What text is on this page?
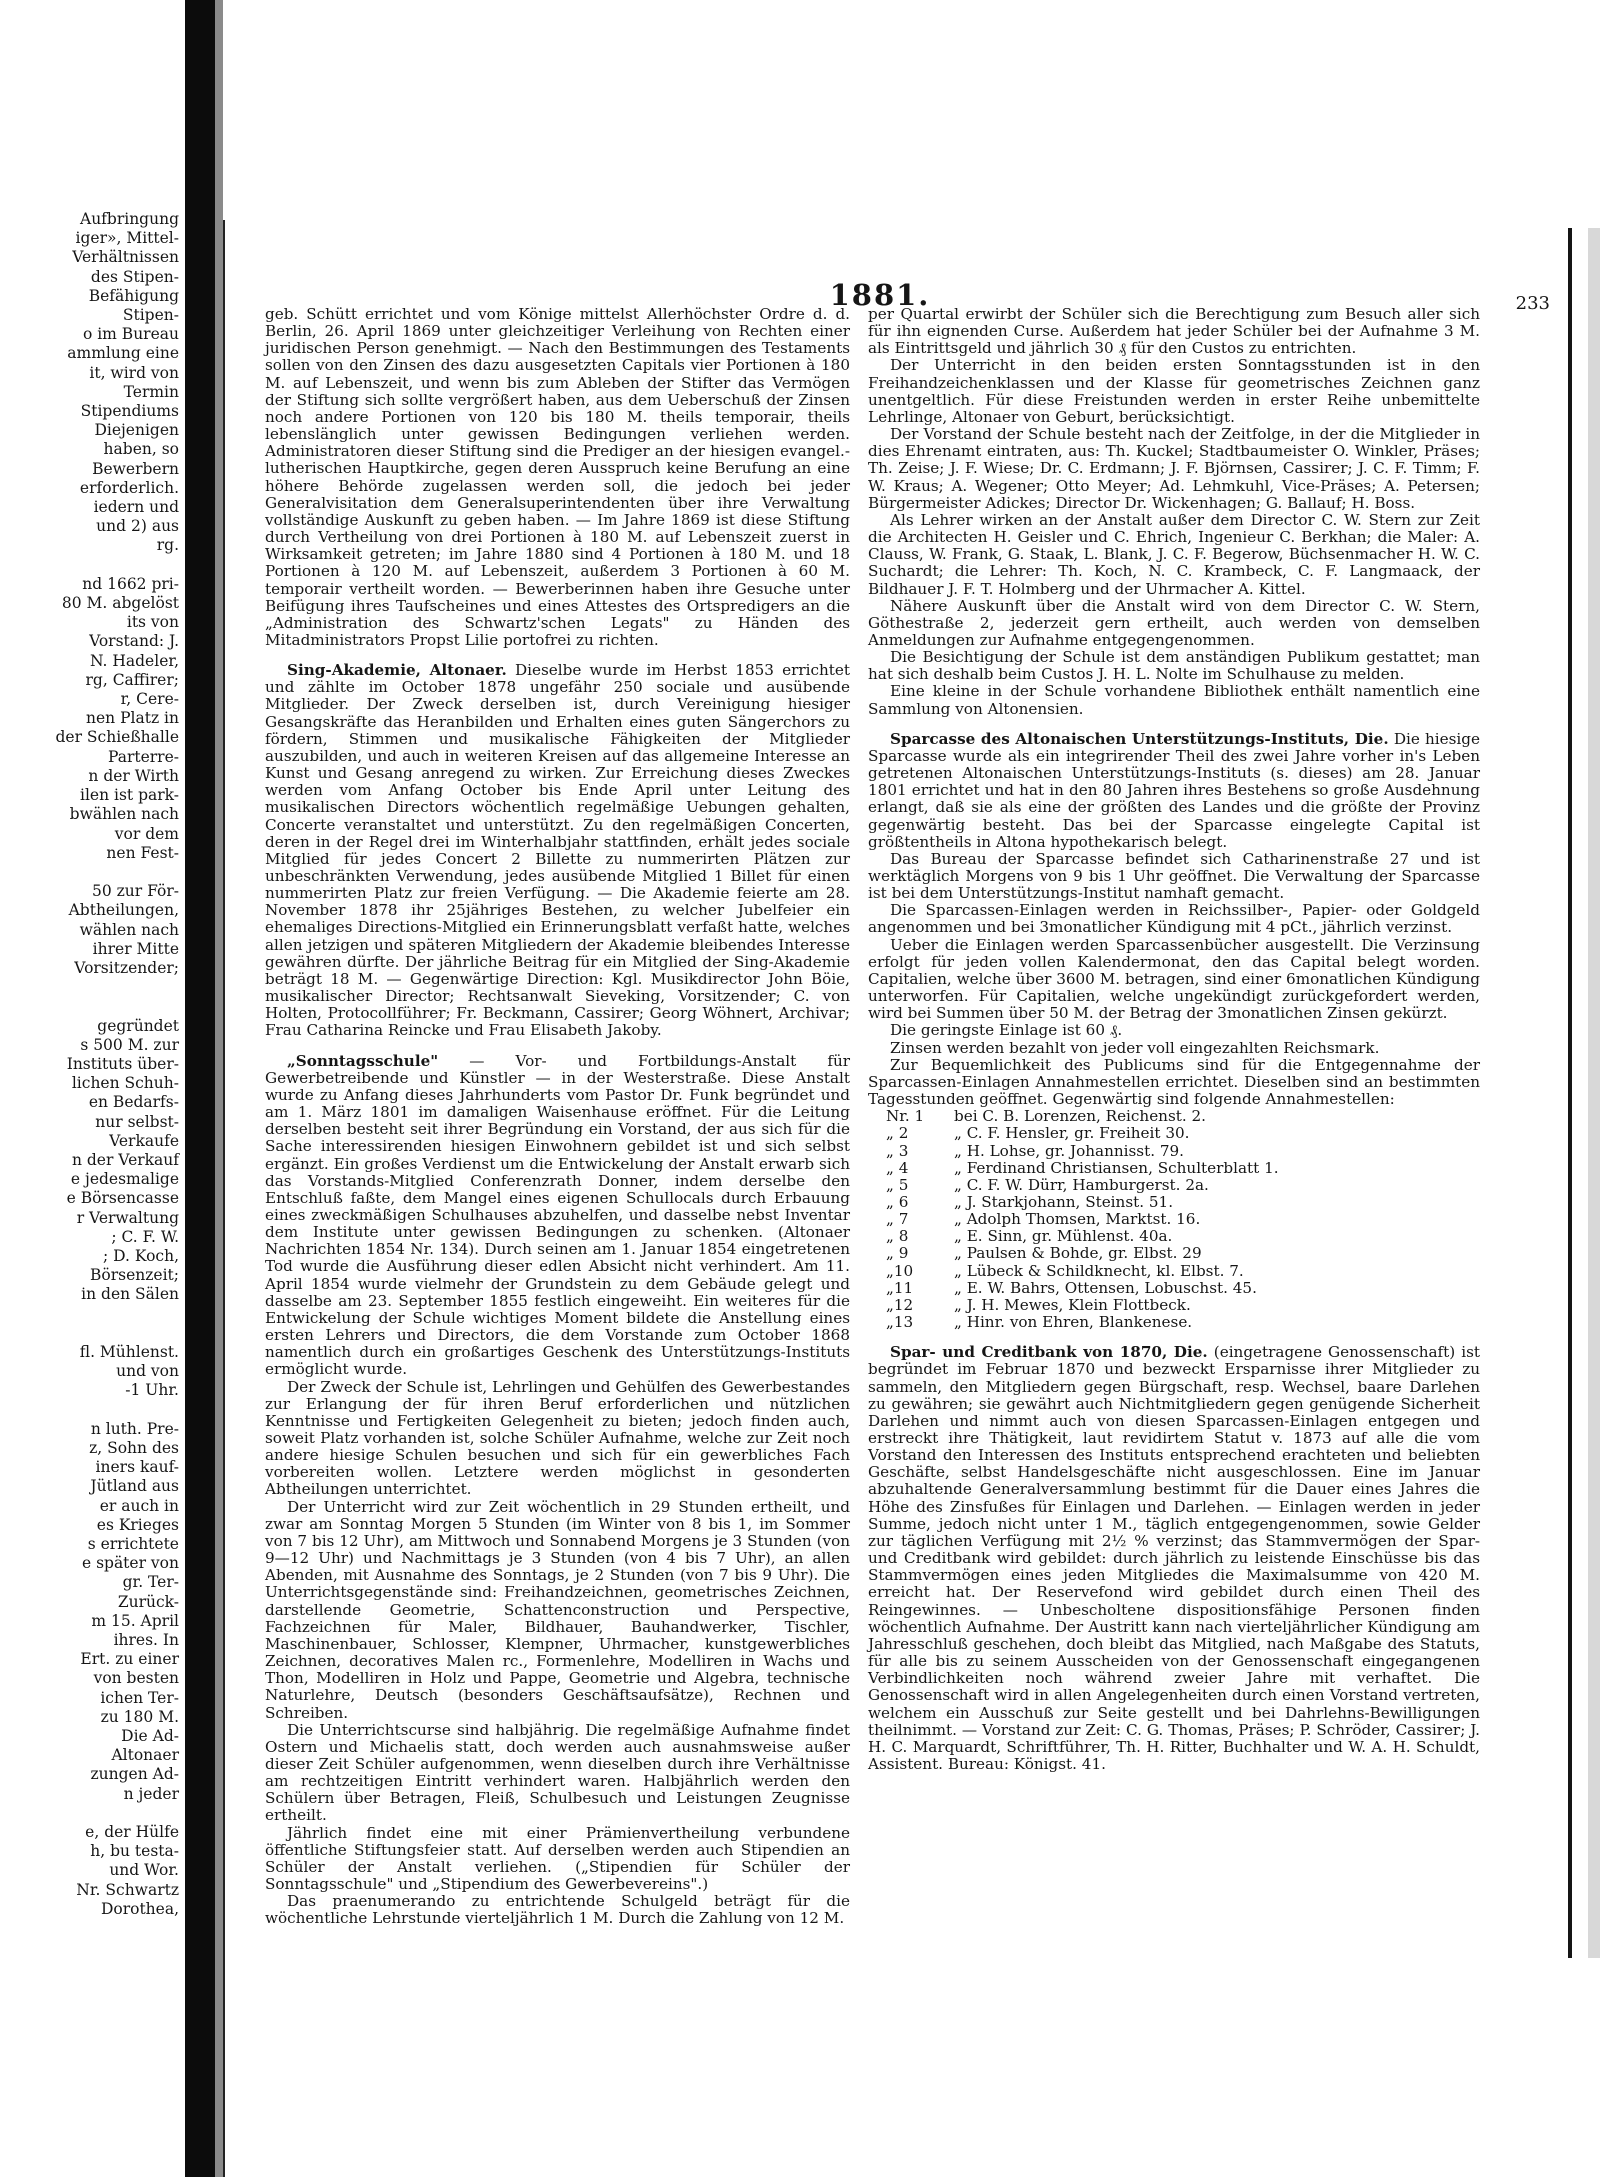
Aufbringung
iger», Mittel-
Verhältnissen
des Stipen-
Befähigung
Stipen-
o im Bureau
ammlung eine
it, wird von
Termin
Stipendiums
Diejenigen
haben, so
Bewerbern
erforderlich.
iedern und
und 2) aus
rg.

nd 1662 pri-
80 M. abgelöst
its von
Vorstand: J.
N. Hadeler,
rg, Caffirer;
r, Cere-
nen Platz in
der Schießhalle
Parterre-
n der Wirth
ilen ist park-
bwählen nach
vor dem
nen Fest-

50 zur För-
Abtheilungen,
wählen nach
ihrer Mitte
Vorsitzender;

gegründet
s 500 M. zur
Instituts über-
lichen Schuh-
en Bedarfs-
nur selbst-
Verkaufe
n der Verkauf
e jedesmalige
e Börsencasse
r Verwaltung
; C. F. W.
; D. Koch,
Börsenzeit;
in den Sälen

fl. Mühlenst.
und von
-1 Uhr.

n luth. Pre-
z, Sohn des
iners kauf-
Jütland aus
er auch in
es Krieges
s errichtete
e später von
gr. Ter-
Zurück-
m 15. April
ihres. In
Ert. zu einer
von besten
ichen Ter-
zu 180 M.
Die Ad-
Altonaer
zungen Ad-
n jeder

e, der Hülfe
h, bu testa-
und Wor.
Nr. Schwartz
Dorothea,
1881.	233

geb. Schütt errichtet und vom Könige mittelst Allerhöchster Ordre d. d. Berlin, 26. April 1869 unter gleichzeitiger Verleihung von Rechten einer juridischen Person genehmigt. — Nach den Bestimmungen des Testaments sollen von den Zinsen des dazu ausgesetzten Capitals vier Portionen à 180 M. auf Lebenszeit, und wenn bis zum Ableben der Stifter das Vermögen der Stiftung sich sollte vergrößert haben, aus dem Ueberschuß der Zinsen noch andere Portionen von 120 bis 180 M. theils temporair, theils lebenslänglich unter gewissen Bedingungen verliehen werden. Administratoren dieser Stiftung sind die Prediger an der hiesigen evangel.-lutherischen Hauptkirche, gegen deren Ausspruch keine Berufung an eine höhere Behörde zugelassen werden soll, die jedoch bei jeder Generalvisitation dem Generalsuperintendenten über ihre Verwaltung vollständige Auskunft zu geben haben. — Im Jahre 1869 ist diese Stiftung durch Vertheilung von drei Portionen à 180 M. auf Lebenszeit zuerst in Wirksamkeit getreten; im Jahre 1880 sind 4 Portionen à 180 M. und 18 Portionen à 120 M. auf Lebenszeit, außerdem 3 Portionen à 60 M. temporair vertheilt worden. — Bewerberinnen haben ihre Gesuche unter Beifügung ihres Taufscheines und eines Attestes des Ortspredigers an die „Administration des Schwartz'schen Legats" zu Händen des Mitadministrators Propst Lilie portofrei zu richten.

Sing-Akademie, Altonaer. Dieselbe wurde im Herbst 1853 errichtet und zählte im October 1878 ungefähr 250 sociale und ausübende Mitglieder. Der Zweck derselben ist, durch Vereinigung hiesiger Gesangskräfte das Heranbilden und Erhalten eines guten Sängerchors zu fördern, Stimmen und musikalische Fähigkeiten der Mitglieder auszubilden, und auch in weiteren Kreisen auf das allgemeine Interesse an Kunst und Gesang anregend zu wirken. Zur Erreichung dieses Zweckes werden vom Anfang October bis Ende April unter Leitung des musikalischen Directors wöchentlich regelmäßige Uebungen gehalten, Concerte veranstaltet und unterstützt. Zu den regelmäßigen Concerten, deren in der Regel drei im Winterhalbjahr stattfinden, erhält jedes sociale Mitglied für jedes Concert 2 Billette zu nummerirten Plätzen zur unbeschränkten Verwendung, jedes ausübende Mitglied 1 Billet für einen nummerirten Platz zur freien Verfügung. — Die Akademie feierte am 28. November 1878 ihr 25jähriges Bestehen, zu welcher Jubelfeier ein ehemaliges Directions-Mitglied ein Erinnerungsblatt verfaßt hatte, welches allen jetzigen und späteren Mitgliedern der Akademie bleibendes Interesse gewähren dürfte. Der jährliche Beitrag für ein Mitglied der Sing-Akademie beträgt 18 M. — Gegenwärtige Direction: Kgl. Musikdirector John Böie, musikalischer Director; Rechtsanwalt Sieveking, Vorsitzender; C. von Holten, Protocollführer; Fr. Beckmann, Cassirer; Georg Wöhnert, Archivar; Frau Catharina Reincke und Frau Elisabeth Jakoby.

„Sonntagsschule" — Vor- und Fortbildungs-Anstalt für Gewerbetreibende und Künstler — in der Westerstraße. Diese Anstalt wurde zu Anfang dieses Jahrhunderts vom Pastor Dr. Funk begründet und am 1. März 1801 im damaligen Waisenhause eröffnet. Für die Leitung derselben besteht seit ihrer Begründung ein Vorstand, der aus sich für die Sache interessirenden hiesigen Einwohnern gebildet ist und sich selbst ergänzt. Ein großes Verdienst um die Entwickelung der Anstalt erwarb sich das Vorstands-Mitglied Conferenzrath Donner, indem derselbe den Entschluß faßte, dem Mangel eines eigenen Schullocals durch Erbauung eines zweckmäßigen Schulhauses abzuhelfen, und dasselbe nebst Inventar dem Institute unter gewissen Bedingungen zu schenken. (Altonaer Nachrichten 1854 Nr. 134). Durch seinen am 1. Januar 1854 eingetretenen Tod wurde die Ausführung dieser edlen Absicht nicht verhindert. Am 11. April 1854 wurde vielmehr der Grundstein zu dem Gebäude gelegt und dasselbe am 23. September 1855 festlich eingeweiht. Ein weiteres für die Entwickelung der Schule wichtiges Moment bildete die Anstellung eines ersten Lehrers und Directors, die dem Vorstande zum October 1868 namentlich durch ein großartiges Geschenk des Unterstützungs-Instituts ermöglicht wurde.

Der Zweck der Schule ist, Lehrlingen und Gehülfen des Gewerbestandes zur Erlangung der für ihren Beruf erforderlichen und nützlichen Kenntnisse und Fertigkeiten Gelegenheit zu bieten; jedoch finden auch, soweit Platz vorhanden ist, solche Schüler Aufnahme, welche zur Zeit noch andere hiesige Schulen besuchen und sich für ein gewerbliches Fach vorbereiten wollen. Letztere werden möglichst in gesonderten Abtheilungen unterrichtet.

Der Unterricht wird zur Zeit wöchentlich in 29 Stunden ertheilt, und zwar am Sonntag Morgen 5 Stunden (im Winter von 8 bis 1, im Sommer von 7 bis 12 Uhr), am Mittwoch und Sonnabend Morgens je 3 Stunden (von 9—12 Uhr) und Nachmittags je 3 Stunden (von 4 bis 7 Uhr), an allen Abenden, mit Ausnahme des Sonntags, je 2 Stunden (von 7 bis 9 Uhr). Die Unterrichtsgegenstände sind: Freihandzeichnen, geometrisches Zeichnen, darstellende Geometrie, Schattenconstruction und Perspective, Fachzeichnen für Maler, Bildhauer, Bauhandwerker, Tischler, Maschinenbauer, Schlosser, Klempner, Uhrmacher, kunstgewerbliches Zeichnen, decoratives Malen rc., Formenlehre, Modelliren in Wachs und Thon, Modelliren in Holz und Pappe, Geometrie und Algebra, technische Naturlehre, Deutsch (besonders Geschäftsaufsätze), Rechnen und Schreiben.

Die Unterrichtscurse sind halbjährig. Die regelmäßige Aufnahme findet Ostern und Michaelis statt, doch werden auch ausnahmsweise außer dieser Zeit Schüler aufgenommen, wenn dieselben durch ihre Verhältnisse am rechtzeitigen Eintritt verhindert waren. Halbjährlich werden den Schülern über Betragen, Fleiß, Schulbesuch und Leistungen Zeugnisse ertheilt.

Jährlich findet eine mit einer Prämienvertheilung verbundene öffentliche Stiftungsfeier statt. Auf derselben werden auch Stipendien an Schüler der Anstalt verliehen. („Stipendien für Schüler der Sonntagsschule" und „Stipendium des Gewerbevereins".)

Das praenumerando zu entrichtende Schulgeld beträgt für die wöchentliche Lehrstunde vierteljährlich 1 M. Durch die Zahlung von 12 M.

per Quartal erwirbt der Schüler sich die Berechtigung zum Besuch aller sich für ihn eignenden Curse. Außerdem hat jeder Schüler bei der Aufnahme 3 M. als Eintrittsgeld und jährlich 30 ₰ für den Custos zu entrichten.

Der Unterricht in den beiden ersten Sonntagsstunden ist in den Freihandzeichenklassen und der Klasse für geometrisches Zeichnen ganz unentgeltlich. Für diese Freistunden werden in erster Reihe unbemittelte Lehrlinge, Altonaer von Geburt, berücksichtigt.

Der Vorstand der Schule besteht nach der Zeitfolge, in der die Mitglieder in dies Ehrenamt eintraten, aus: Th. Kuckel; Stadtbaumeister O. Winkler, Präses; Th. Zeise; J. F. Wiese; Dr. C. Erdmann; J. F. Björnsen, Cassirer; J. C. F. Timm; F. W. Kraus; A. Wegener; Otto Meyer; Ad. Lehmkuhl, Vice-Präses; A. Petersen; Bürgermeister Adickes; Director Dr. Wickenhagen; G. Ballauf; H. Boss.

Als Lehrer wirken an der Anstalt außer dem Director C. W. Stern zur Zeit die Architecten H. Geisler und C. Ehrich, Ingenieur C. Berkhan; die Maler: A. Clauss, W. Frank, G. Staak, L. Blank, J. C. F. Begerow, Büchsenmacher H. W. C. Suchardt; die Lehrer: Th. Koch, N. C. Krambeck, C. F. Langmaack, der Bildhauer J. F. T. Holmberg und der Uhrmacher A. Kittel.

Nähere Auskunft über die Anstalt wird von dem Director C. W. Stern, Göthestraße 2, jederzeit gern ertheilt, auch werden von demselben Anmeldungen zur Aufnahme entgegengenommen.

Die Besichtigung der Schule ist dem anständigen Publikum gestattet; man hat sich deshalb beim Custos J. H. L. Nolte im Schulhause zu melden.

Eine kleine in der Schule vorhandene Bibliothek enthält namentlich eine Sammlung von Altonensien.

Sparcasse des Altonaischen Unterstützungs-Instituts, Die. Die hiesige Sparcasse wurde als ein integrirender Theil des zwei Jahre vorher in's Leben getretenen Altonaischen Unterstützungs-Instituts (s. dieses) am 28. Januar 1801 errichtet und hat in den 80 Jahren ihres Bestehens so große Ausdehnung erlangt, daß sie als eine der größten des Landes und die größte der Provinz gegenwärtig besteht. Das bei der Sparcasse eingelegte Capital ist größtentheils in Altona hypothekarisch belegt.

Das Bureau der Sparcasse befindet sich Catharinenstraße 27 und ist werktäglich Morgens von 9 bis 1 Uhr geöffnet. Die Verwaltung der Sparcasse ist bei dem Unterstützungs-Institut namhaft gemacht.

Die Sparcassen-Einlagen werden in Reichssilber-, Papier- oder Goldgeld angenommen und bei 3monatlicher Kündigung mit 4 pCt., jährlich verzinst.

Ueber die Einlagen werden Sparcassenbücher ausgestellt. Die Verzinsung erfolgt für jeden vollen Kalendermonat, den das Capital belegt worden. Capitalien, welche über 3600 M. betragen, sind einer 6monatlichen Kündigung unterworfen. Für Capitalien, welche ungekündigt zurückgefordert werden, wird bei Summen über 50 M. der Betrag der 3monatlichen Zinsen gekürzt.

Die geringste Einlage ist 60 ₰.

Zinsen werden bezahlt von jeder voll eingezahlten Reichsmark.

Zur Bequemlichkeit des Publicums sind für die Entgegennahme der Sparcassen-Einlagen Annahmestellen errichtet. Dieselben sind an bestimmten Tagesstunden geöffnet. Gegenwärtig sind folgende Annahmestellen:

Nr. 1 bei C. B. Lorenzen, Reichenst. 2.
„ 2	„ C. F. Hensler, gr. Freiheit 30.
„ 3	„ H. Lohse, gr. Johannisst. 79.
„ 4	„ Ferdinand Christiansen, Schulterblatt 1.
„ 5	„ C. F. W. Dürr, Hamburgerst. 2a.
„ 6	„ J. Starkjohann, Steinst. 51.
„ 7	„ Adolph Thomsen, Marktst. 16.
„ 8	„ E. Sinn, gr. Mühlenst. 40a.
„ 9	„ Paulsen & Bohde, gr. Elbst. 29
„10	„ Lübeck & Schildknecht, kl. Elbst. 7.
„11	„ E. W. Bahrs, Ottensen, Lobuschst. 45.
„12	„ J. H. Mewes, Klein Flottbeck.
„13	„ Hinr. von Ehren, Blankenese.

Spar- und Creditbank von 1870, Die. (eingetragene Genossenschaft) ist begründet im Februar 1870 und bezweckt Ersparnisse ihrer Mitglieder zu sammeln, den Mitgliedern gegen Bürgschaft, resp. Wechsel, baare Darlehen zu gewähren; sie gewährt auch Nichtmitgliedern gegen genügende Sicherheit Darlehen und nimmt auch von diesen Sparcassen-Einlagen entgegen und erstreckt ihre Thätigkeit, laut revidirtem Statut v. 1873 auf alle die vom Vorstand den Interessen des Instituts entsprechend erachteten und beliebten Geschäfte, selbst Handelsgeschäfte nicht ausgeschlossen. Eine im Januar abzuhaltende Generalversammlung bestimmt für die Dauer eines Jahres die Höhe des Zinsfußes für Einlagen und Darlehen. — Einlagen werden in jeder Summe, jedoch nicht unter 1 M., täglich entgegengenommen, sowie Gelder zur täglichen Verfügung mit 2½ % verzinst; das Stammvermögen der Spar- und Creditbank wird gebildet: durch jährlich zu leistende Einschüsse bis das Stammvermögen eines jeden Mitgliedes die Maximalsumme von 420 M. erreicht hat. Der Reservefond wird gebildet durch einen Theil des Reingewinnes. — Unbescholtene dispositionsfähige Personen finden wöchentlich Aufnahme. Der Austritt kann nach vierteljährlicher Kündigung am Jahresschluß geschehen, doch bleibt das Mitglied, nach Maßgabe des Statuts, für alle bis zu seinem Ausscheiden von der Genossenschaft eingegangenen Verbindlichkeiten noch während zweier Jahre mit verhaftet. Die Genossenschaft wird in allen Angelegenheiten durch einen Vorstand vertreten, welchem ein Ausschuß zur Seite gestellt und bei Dahrlehns-Bewilligungen theilnimmt. — Vorstand zur Zeit: C. G. Thomas, Präses; P. Schröder, Cassirer; J. H. C. Marquardt, Schriftführer, Th. H. Ritter, Buchhalter und W. A. H. Schuldt, Assistent. Bureau: Königst. 41.
